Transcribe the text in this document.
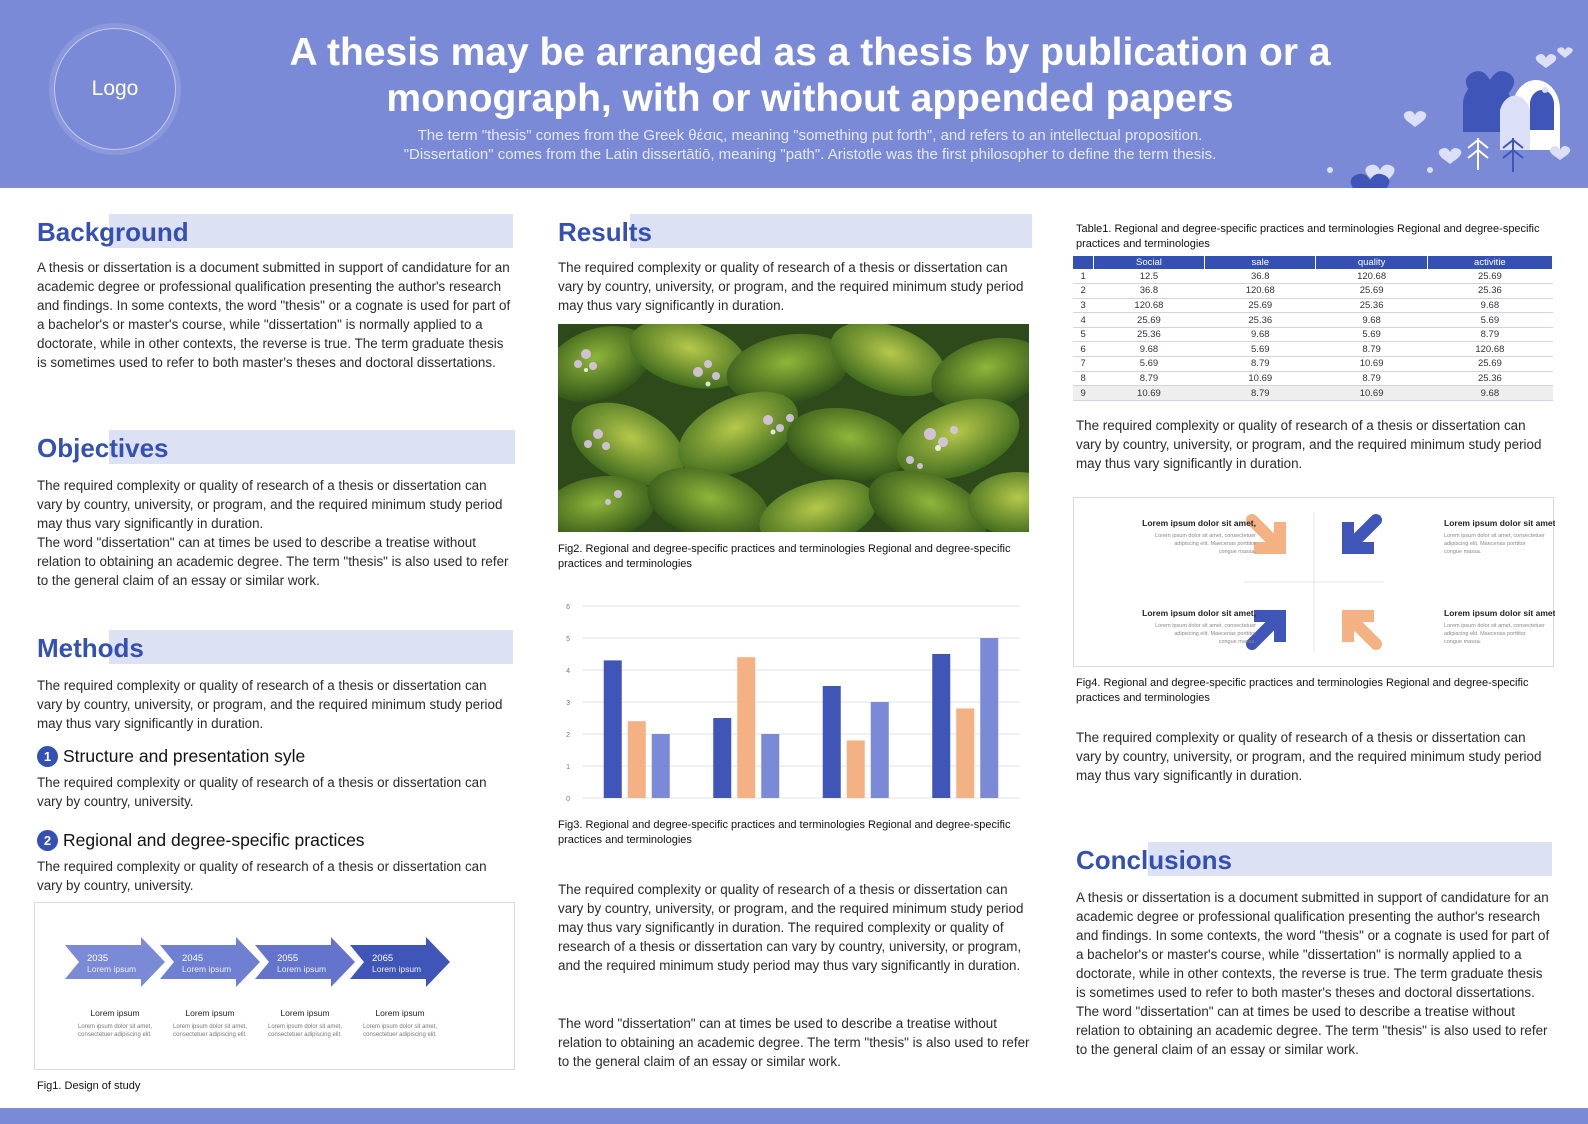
Logo
A thesis may be arranged as a thesis by publication or a
monograph, with or without appended papers
The term "thesis" comes from the Greek θέσις, meaning "something put forth", and refers to an intellectual proposition.
"Dissertation" comes from the Latin dissertātiō, meaning "path". Aristotle was the first philosopher to define the term thesis.
Background
A thesis or dissertation is a document submitted in support of candidature for an academic degree or professional qualification presenting the author's research and findings. In some contexts, the word "thesis" or a cognate is used for part of a bachelor's or master's course, while "dissertation" is normally applied to a doctorate, while in other contexts, the reverse is true. The term graduate thesis is sometimes used to refer to both master's theses and doctoral dissertations.
Objectives

The required complexity or quality of research of a thesis or dissertation can vary by country, university, or program, and the required minimum study period may thus vary significantly in duration.

The word "dissertation" can at times be used to describe a treatise without relation to obtaining an academic degree. The term "thesis" is also used to refer to the general claim of an essay or similar work.

Methods
The required complexity or quality of research of a thesis or dissertation can vary by country, university, or program, and the required minimum study period may thus vary significantly in duration.
1 Structure and presentation syle
The required complexity or quality of research of a thesis or dissertation can vary by country, university.
2 Regional and degree-specific practices
The required complexity or quality of research of a thesis or dissertation can vary by country, university.
2035
Lorem ipsum
Lorem ipsum
Lorem ipsum dolor sit amet,
consectetuer adipiscing elit.
2045
Lorem ipsum
Lorem ipsum
Lorem ipsum dolor sit amet,
consectetuer adipiscing elit.
2055
Lorem ipsum
Lorem ipsum
Lorem ipsum dolor sit amet,
consectetuer adipiscing elit.
2065
Lorem ipsum
Lorem ipsum
Lorem ipsum dolor sit amet,
consectetuer adipiscing elit.
Fig1. Design of study
Results
The required complexity or quality of research of a thesis or dissertation can vary by country, university, or program, and the required minimum study period may thus vary significantly in duration.
Fig2. Regional and degree-specific practices and terminologies Regional and degree-specific practices and terminologies
0
1
2
3
4
5
6
Fig3. Regional and degree-specific practices and terminologies Regional and degree-specific practices and terminologies
The required complexity or quality of research of a thesis or dissertation can vary by country, university, or program, and the required minimum study period may thus vary significantly in duration. The required complexity or quality of research of a thesis or dissertation can vary by country, university, or program, and the required minimum study period may thus vary significantly in duration.
The word "dissertation" can at times be used to describe a treatise without relation to obtaining an academic degree. The term "thesis" is also used to refer to the general claim of an essay or similar work.
Table1. Regional and degree-specific practices and terminologies Regional and degree-specific practices and terminologies
	Social	sale	quality	activitie
1	12.5	36.8	120.68	25.69
2	36.8	120.68	25.69	25.36
3	120.68	25.69	25.36	9.68
4	25.69	25.36	9.68	5.69
5	25.36	9.68	5.69	8.79
6	9.68	5.69	8.79	120.68
7	5.69	8.79	10.69	25.69
8	8.79	10.69	8.79	25.36
9	10.69	8.79	10.69	9.68
The required complexity or quality of research of a thesis or dissertation can vary by country, university, or program, and the required minimum study period may thus vary significantly in duration.
Lorem ipsum dolor sit amet,
Lorem ipsum dolor sit amet, consectetuer
adipiscing elit. Maecenas porttitor
congue massa.
Lorem ipsum dolor sit amet,
Lorem ipsum dolor sit amet, consectetuer
adipiscing elit. Maecenas porttitor
congue massa.
Lorem ipsum dolor sit amet,
Lorem ipsum dolor sit amet, consectetuer
adipiscing elit. Maecenas porttitor
congue massa.
Lorem ipsum dolor sit amet,
Lorem ipsum dolor sit amet, consectetuer
adipiscing elit. Maecenas porttitor
congue massa.
Fig4. Regional and degree-specific practices and terminologies Regional and degree-specific practices and terminologies
The required complexity or quality of research of a thesis or dissertation can vary by country, university, or program, and the required minimum study period may thus vary significantly in duration.
Conclusions

A thesis or dissertation is a document submitted in support of candidature for an academic degree or professional qualification presenting the author's research and findings. In some contexts, the word "thesis" or a cognate is used for part of a bachelor's or master's course, while "dissertation" is normally applied to a doctorate, while in other contexts, the reverse is true. The term graduate thesis is sometimes used to refer to both master's theses and doctoral dissertations.

The word "dissertation" can at times be used to describe a treatise without relation to obtaining an academic degree. The term "thesis" is also used to refer to the general claim of an essay or similar work.
